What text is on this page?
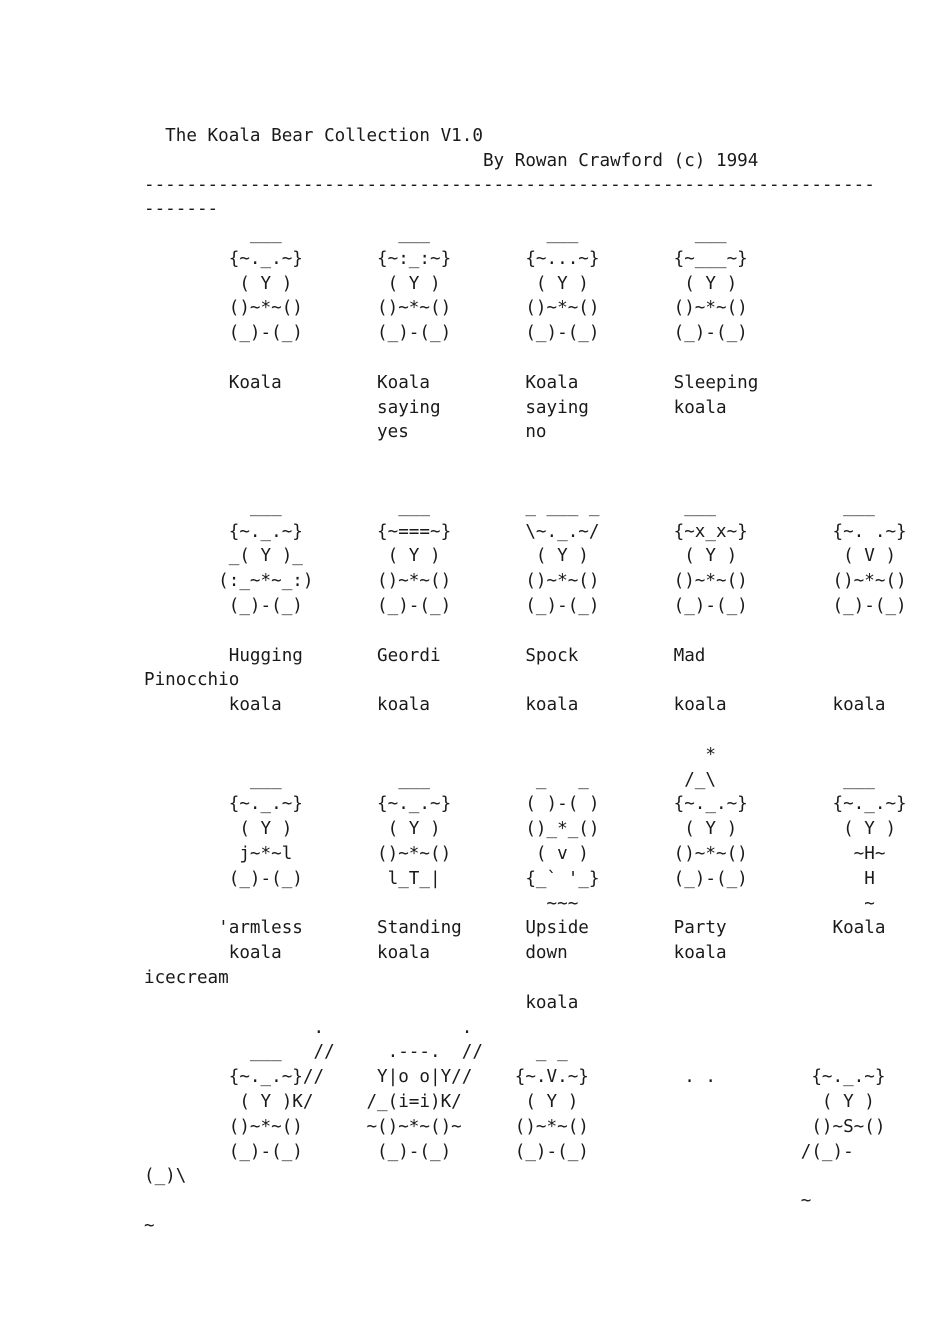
The Koala Bear Collection V1.0
By Rowan Crawford (c) 1994
---------------------------------------------------------------------
-------
___           ___           ___           ___
{~._.~}       {~:_:~}       {~...~}       {~___~}
( Y )         ( Y )         ( Y )         ( Y )
()~*~()       ()~*~()       ()~*~()       ()~*~()
(_)-(_)       (_)-(_)       (_)-(_)       (_)-(_)
Koala         Koala         Koala         Sleeping
saying        saying        koala
yes           no
___           ___         _ ___ _        ___            ___
{~._.~}       {~===~}       \~._.~/       {~x_x~}        {~. .~}
_( Y )_        ( Y )         ( Y )         ( Y )          ( V )
(:_~*~_:)      ()~*~()       ()~*~()       ()~*~()        ()~*~()
(_)-(_)       (_)-(_)       (_)-(_)       (_)-(_)        (_)-(_)
Hugging       Geordi        Spock         Mad
Pinocchio
koala         koala         koala         koala          koala
*
___           ___          _   _         /_\            ___
{~._.~}       {~._.~}       ( )-( )       {~._.~}        {~._.~}
( Y )         ( Y )        ()_*_()        ( Y )          ( Y )
j~*~l        ()~*~()        ( v )        ()~*~()          ~H~
(_)-(_)        l_T_|        {_` '_}       (_)-(_)           H
~~~                           ~
'armless       Standing      Upside        Party          Koala
koala         koala         down          koala
icecream
koala
.             .
___   //     .---.  //     _ _
{~._.~}//     Y|o o|Y//    {~.V.~}         . .         {~._.~}
( Y )K/     /_(i=i)K/      ( Y )                       ( Y )
()~*~()      ~()~*~()~     ()~*~()                     ()~S~()
(_)-(_)       (_)-(_)      (_)-(_)                    /(_)-
(_)\
~
~
